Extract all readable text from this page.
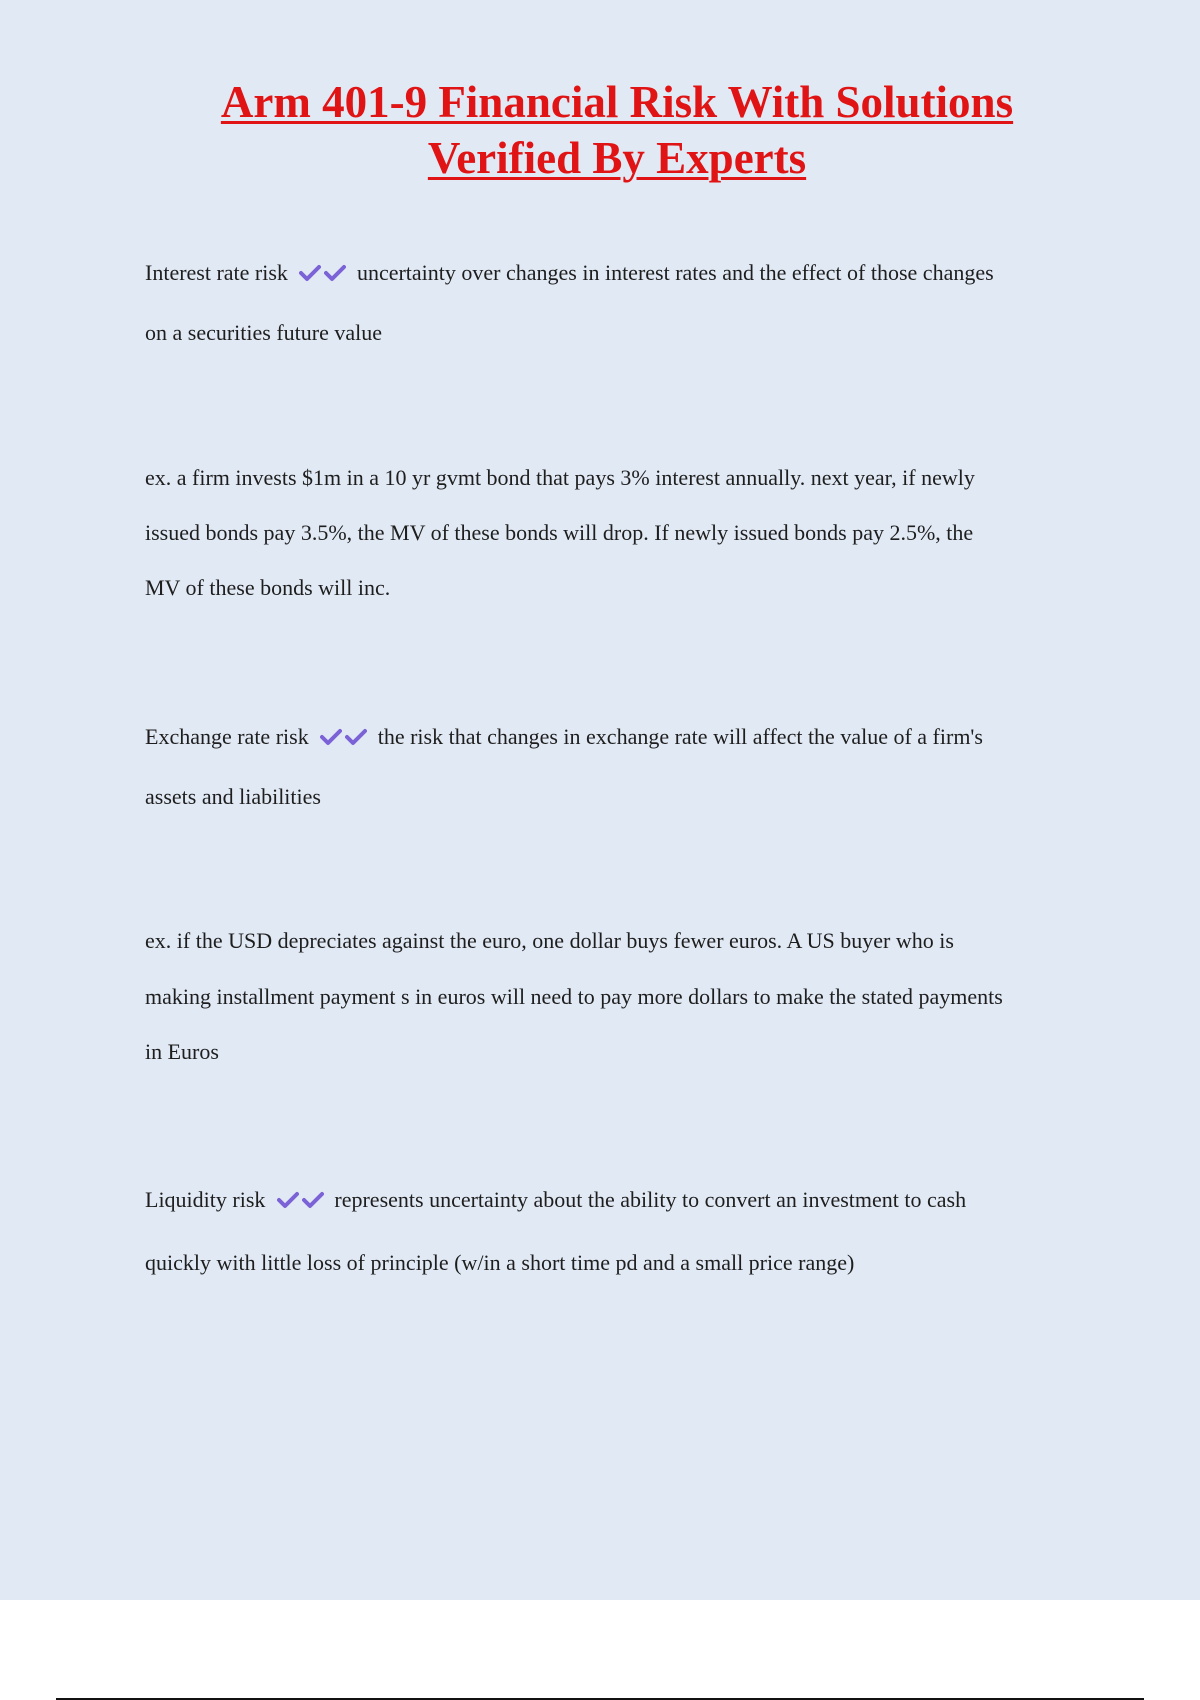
Arm 401-9 Financial Risk With Solutions
Verified By Experts

Interest rate risk	uncertainty over changes in interest rates and the effect of those changes
on a securities future value

ex. a firm invests $1m in a 10 yr gvmt bond that pays 3% interest annually. next year, if newly
issued bonds pay 3.5%, the MV of these bonds will drop. If newly issued bonds pay 2.5%, the
MV of these bonds will inc.

Exchange rate risk	the risk that changes in exchange rate will affect the value of a firm's
assets and liabilities

ex. if the USD depreciates against the euro, one dollar buys fewer euros. A US buyer who is
making installment payment s in euros will need to pay more dollars to make the stated payments
in Euros

Liquidity risk	represents uncertainty about the ability to convert an investment to cash
quickly with little loss of principle (w/in a short time pd and a small price range)
